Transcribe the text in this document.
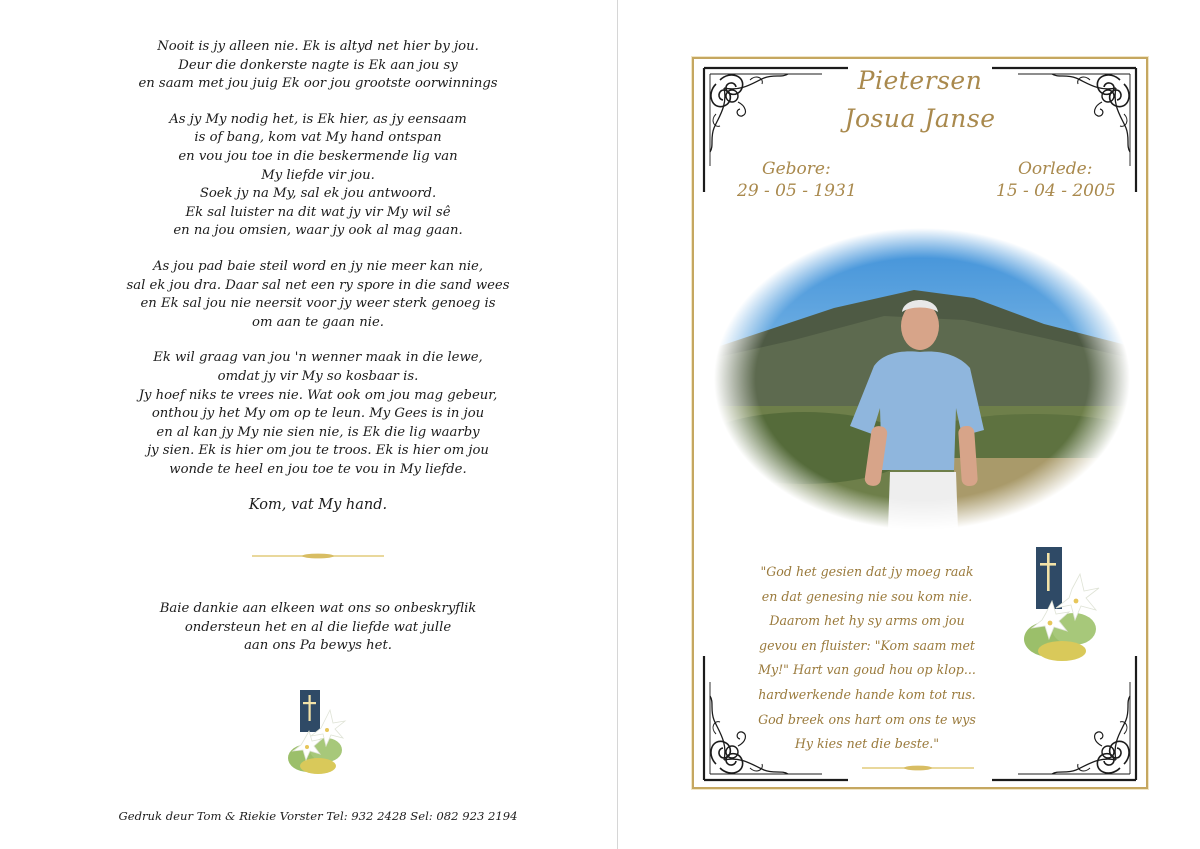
Nooit is jy alleen nie. Ek is altyd net hier by jou.
Deur die donkerste nagte is Ek aan jou sy
en saam met jou juig Ek oor jou grootste oorwinnings
As jy My nodig het, is Ek hier, as jy eensaam
is of bang, kom vat My hand ontspan
en vou jou toe in die beskermende lig van
My liefde vir jou.
Soek jy na My, sal ek jou antwoord.
Ek sal luister na dit wat jy vir My wil sê
en na jou omsien, waar jy ook al mag gaan.
As jou pad baie steil word en jy nie meer kan nie,
sal ek jou dra. Daar sal net een ry spore in die sand wees
en Ek sal jou nie neersit voor jy weer sterk genoeg is
om aan te gaan nie.
Ek wil graag van jou 'n wenner maak in die lewe,
omdat jy vir My so kosbaar is.
Jy hoef niks te vrees nie. Wat ook om jou mag gebeur,
onthou jy het My om op te leun. My Gees is in jou
en al kan jy My nie sien nie, is Ek die lig waarby
jy sien. Ek is hier om jou te troos. Ek is hier om jou
wonde te heel en jou toe te vou in My liefde.
Kom, vat My hand.
Baie dankie aan elkeen wat ons so onbeskryflik
ondersteun het en al die liefde wat julle
aan ons Pa bewys het.
Gedruk deur Tom & Riekie Vorster Tel: 932 2428 Sel: 082 923 2194
Pietersen
Josua Janse
Gebore:
29 - 05 - 1931
Oorlede:
15 - 04 - 2005
"God het gesien dat jy moeg raak
en dat genesing nie sou kom nie.
Daarom het hy sy arms om jou
gevou en fluister: "Kom saam met
My!" Hart van goud hou op klop...
hardwerkende hande kom tot rus.
God breek ons hart om ons te wys
Hy kies net die beste."
